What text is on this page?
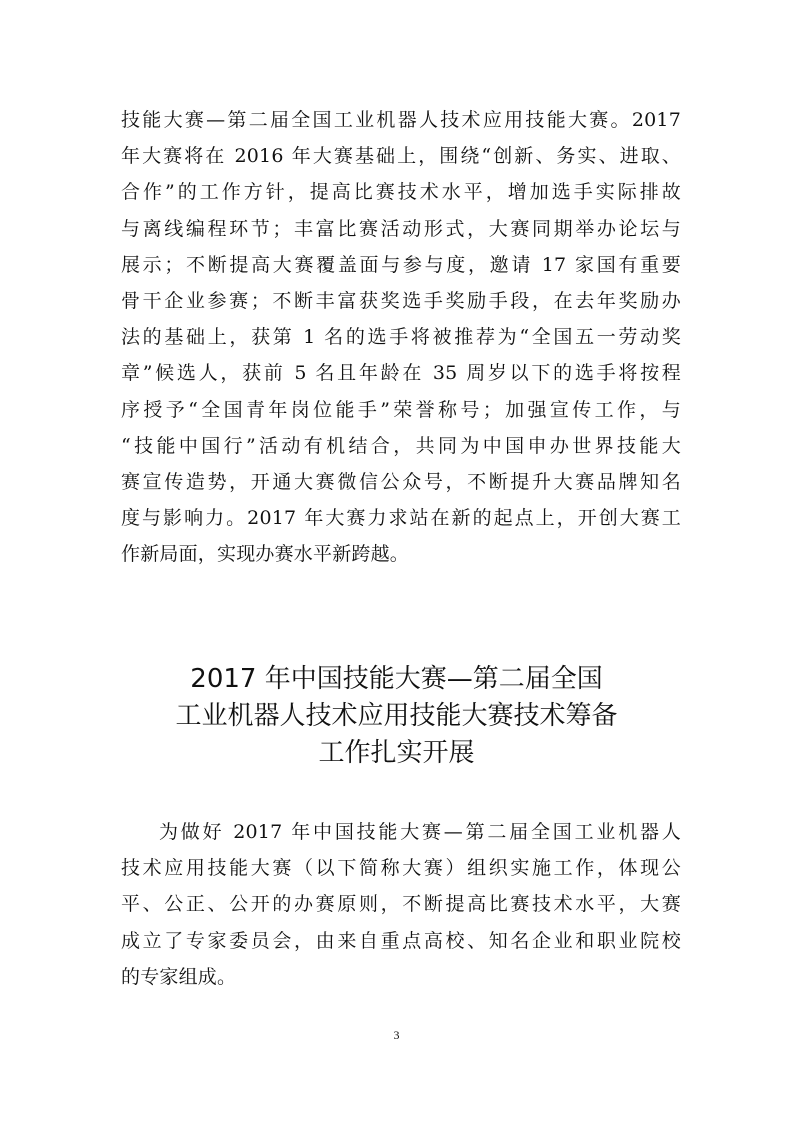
技能大赛—第二届全国工业机器人技术应用技能大赛。2017
年大赛将在 2016 年大赛基础上，围绕“创新、务实、进取、
合作”的工作方针，提高比赛技术水平，增加选手实际排故
与离线编程环节；丰富比赛活动形式，大赛同期举办论坛与
展示；不断提高大赛覆盖面与参与度，邀请 17 家国有重要
骨干企业参赛；不断丰富获奖选手奖励手段，在去年奖励办
法的基础上，获第 1 名的选手将被推荐为“全国五一劳动奖
章”候选人，获前 5 名且年龄在 35 周岁以下的选手将按程
序授予“全国青年岗位能手”荣誉称号；加强宣传工作，与
“技能中国行”活动有机结合，共同为中国申办世界技能大
赛宣传造势，开通大赛微信公众号，不断提升大赛品牌知名
度与影响力。2017 年大赛力求站在新的起点上，开创大赛工
作新局面，实现办赛水平新跨越。
2017 年中国技能大赛—第二届全国
工业机器人技术应用技能大赛技术筹备
工作扎实开展
为做好 2017 年中国技能大赛—第二届全国工业机器人
技术应用技能大赛（以下简称大赛）组织实施工作，体现公
平、公正、公开的办赛原则，不断提高比赛技术水平，大赛
成立了专家委员会，由来自重点高校、知名企业和职业院校
的专家组成。
3
